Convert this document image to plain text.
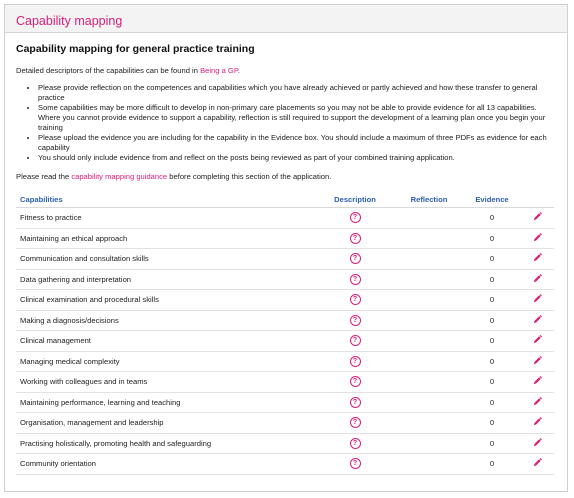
Capability mapping
Capability mapping for general practice training

Detailed descriptors of the capabilities can be found in Being a GP.

• Please provide reflection on the competences and capabilities which you have already achieved or partly achieved and how these transfer to general practice
• Some capabilities may be more difficult to develop in non-primary care placements so you may not be able to provide evidence for all 13 capabilities. Where you cannot provide evidence to support a capability, reflection is still required to support the development of a learning plan once you begin your training
• Please upload the evidence you are including for the capability in the Evidence box. You should include a maximum of three PDFs as evidence for each capability
• You should only include evidence from and reflect on the posts being reviewed as part of your combined training application.

Please read the capability mapping guidance before completing this section of the application.

Capabilities	Description	Reflection	Evidence	
Fitness to practice	?		0	
Maintaining an ethical approach	?		0	
Communication and consultation skills	?		0	
Data gathering and interpretation	?		0	
Clinical examination and procedural skills	?		0	
Making a diagnosis/decisions	?		0	
Clinical management	?		0	
Managing medical complexity	?		0	
Working with colleagues and in teams	?		0	
Maintaining performance, learning and teaching	?		0	
Organisation, management and leadership	?		0	
Practising holistically, promoting health and safeguarding	?		0	
Community orientation	?		0	
